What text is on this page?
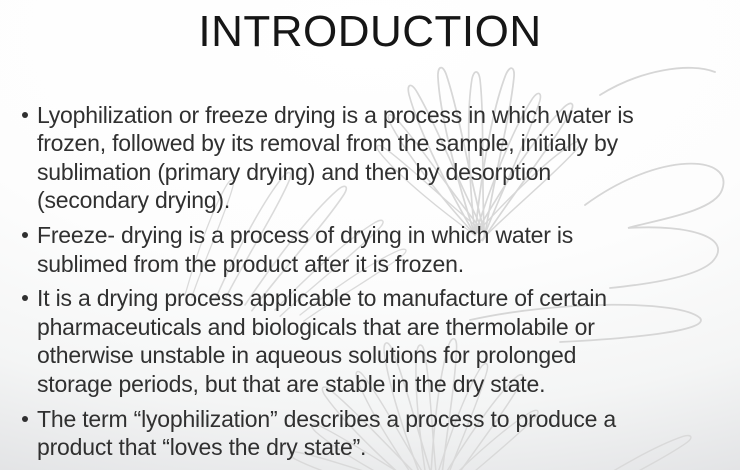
INTRODUCTION
Lyophilization or freeze drying is a process in which water is
frozen, followed by its removal from the sample, initially by
sublimation (primary drying) and then by desorption
(secondary drying).
Freeze- drying is a process of drying in which water is
sublimed from the product after it is frozen.
It is a drying process applicable to manufacture of certain
pharmaceuticals and biologicals that are thermolabile or
otherwise unstable in aqueous solutions for prolonged
storage periods, but that are stable in the dry state.
The term “lyophilization” describes a process to produce a
product that “loves the dry state”.
